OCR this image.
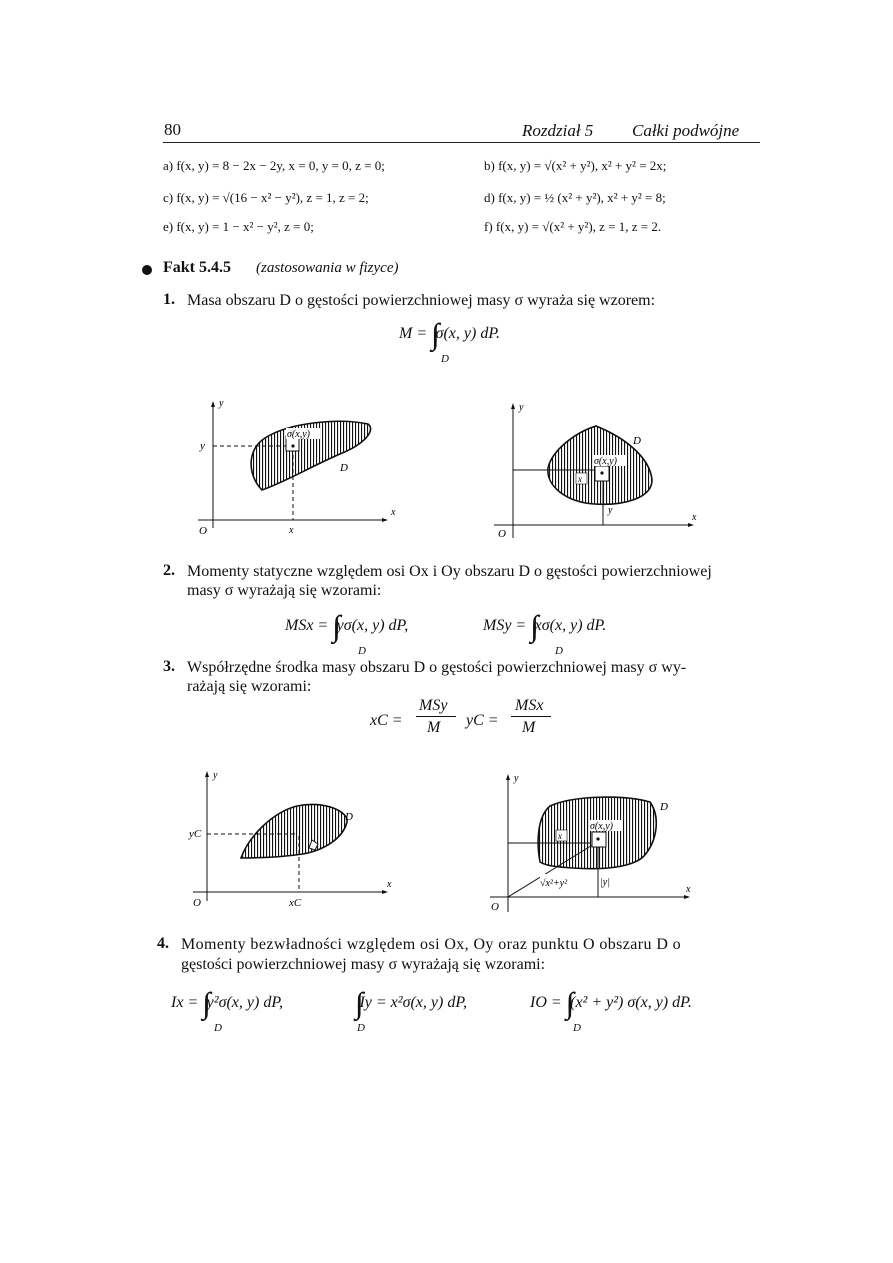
80	Rozdział 5 Całki podwójne
a) f(x, y) = 8 − 2x − 2y, x = 0, y = 0, z = 0;	b) f(x, y) = √(x² + y²), x² + y² = 2x;
c) f(x, y) = √(16 − x² − y²), z = 1, z = 2;	d) f(x, y) = ½ (x² + y²), x² + y² = 8;
e) f(x, y) = 1 − x² − y², z = 0;	f) f(x, y) = √(x² + y²), z = 1, z = 2.
Fakt 5.4.5 (zastosowania w fizyce)
1. Masa obszaru D o gęstości powierzchniowej masy σ wyraża się wzorem:
M = ∫∫ σ(x, y) dP.
D
σ(x,y)
D
y
y
x
x
O
x
σ(x,y)
D
y
y
x
O
2. Momenty statyczne względem osi Ox i Oy obszaru D o gęstości powierzchniowej
masy σ wyrażają się wzorami:
MSx = ∫∫ yσ(x, y) dP,
D
MSy = ∫∫ xσ(x, y) dP.
D
3. Współrzędne środka masy obszaru D o gęstości powierzchniowej masy σ wy-
rażają się wzorami:
xC =
MSy
M yC =
MSx
M
D
yC
xC
y
x
O
x
σ(x,y)
√x²+y²	|y|
D
y
x
O
4. Momenty bezwładności względem osi Ox, Oy oraz punktu O obszaru D o
gęstości powierzchniowej masy σ wyrażają się wzorami:
Ix = ∫∫ y²σ(x, y) dP,
D
∫∫ Iy = x²σ(x, y) dP,
D
IO = ∫∫ (x² + y²) σ(x, y) dP.
D
